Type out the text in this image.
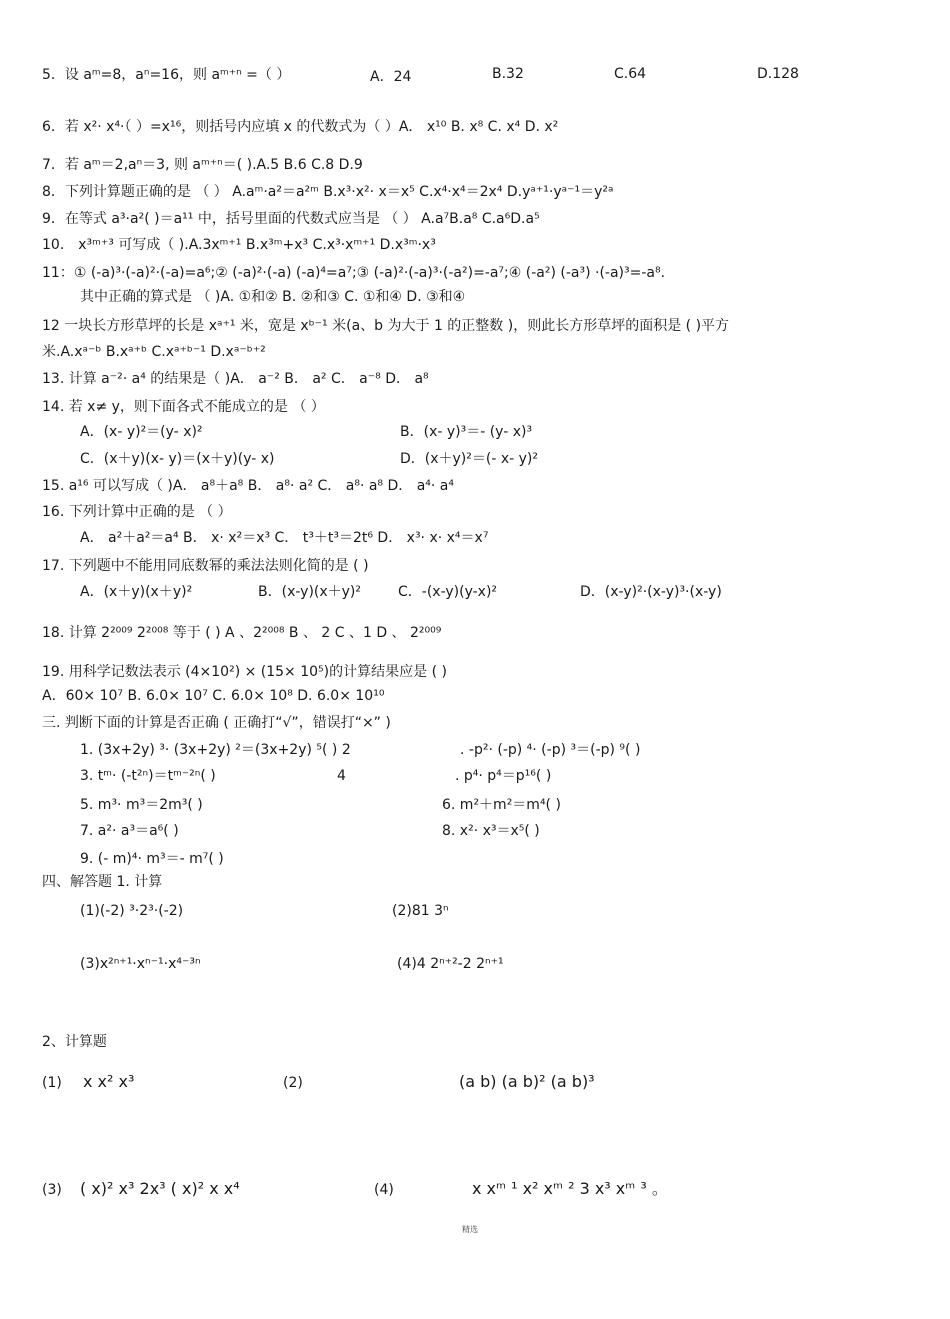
5．设 aᵐ=8，aⁿ=16，则 aᵐ⁺ⁿ =（ ）	A．24	B.32	C.64	D.128
6．若 x²· x⁴·（ ）=x¹⁶，则括号内应填 x 的代数式为（ ）A． x¹⁰ B. x⁸ C. x⁴ D. x²
7．若 aᵐ＝2,aⁿ＝3, 则 aᵐ⁺ⁿ＝( ).A.5 B.6 C.8 D.9
8．下列计算题正确的是 （ ） A.aᵐ·a²＝a²ᵐ B.x³·x²· x＝x⁵ C.x⁴·x⁴＝2x⁴ D.yᵃ⁺¹·yᵃ⁻¹＝y²ᵃ
9．在等式 a³·a²( )＝a¹¹ 中，括号里面的代数式应当是 （ ） A.a⁷B.a⁸ C.a⁶D.a⁵
10． x³ᵐ⁺³ 可写成（ ).A.3xᵐ⁺¹ B.x³ᵐ+x³ C.x³·xᵐ⁺¹ D.x³ᵐ·x³
11：① (-a)³·(-a)²·(-a)=a⁶;② (-a)²·(-a) (-a)⁴=a⁷;③ (-a)²·(-a)³·(-a²)=-a⁷;④ (-a²) (-a³) ·(-a)³=-a⁸.
其中正确的算式是 （ )A. ①和② B. ②和③ C. ①和④ D. ③和④
12 一块长方形草坪的长是 xᵃ⁺¹ 米，宽是 xᵇ⁻¹ 米(a、b 为大于 1 的正整数 )，则此长方形草坪的面积是 ( )平方
米.A.xᵃ⁻ᵇ B.xᵃ⁺ᵇ C.xᵃ⁺ᵇ⁻¹ D.xᵃ⁻ᵇ⁺²
13. 计算 a⁻²· a⁴ 的结果是（ )A． a⁻² B． a² C． a⁻⁸ D． a⁸
14. 若 x≠ y，则下面各式不能成立的是 （ ）
A．(x- y)²＝(y- x)²	B．(x- y)³＝- (y- x)³
C．(x＋y)(x- y)＝(x＋y)(y- x)	D．(x＋y)²＝(- x- y)²
15. a¹⁶ 可以写成（ )A． a⁸＋a⁸ B． a⁸· a² C． a⁸· a⁸ D． a⁴· a⁴
16. 下列计算中正确的是 （ ）
A． a²＋a²＝a⁴ B． x· x²＝x³ C． t³＋t³＝2t⁶ D． x³· x· x⁴＝x⁷
17. 下列题中不能用同底数幂的乘法法则化简的是 ( )
A．(x＋y)(x＋y)²	B．(x-y)(x＋y)²	C．-(x-y)(y-x)²	D．(x-y)²·(x-y)³·(x-y)
18. 计算 2²⁰⁰⁹ 2²⁰⁰⁸ 等于 ( ) A 、2²⁰⁰⁸ B 、 2 C 、1 D 、 2²⁰⁰⁹
19. 用科学记数法表示 (4×10²) × (15× 10⁵)的计算结果应是 ( )
A．60× 10⁷ B. 6.0× 10⁷ C. 6.0× 10⁸ D. 6.0× 10¹⁰
三. 判断下面的计算是否正确 ( 正确打“√”，错误打“×” )
1. (3x+2y) ³· (3x+2y) ²＝(3x+2y) ⁵( ) 2	. -p²· (-p) ⁴· (-p) ³＝(-p) ⁹( )
3. tᵐ· (-t²ⁿ)＝tᵐ⁻²ⁿ( )	4	. p⁴· p⁴＝p¹⁶( )
5. m³· m³＝2m³( )	6. m²＋m²＝m⁴( )
7. a²· a³＝a⁶( )	8. x²· x³＝x⁵( )
9. (- m)⁴· m³＝- m⁷( )
四、解答题 1. 计算
(1)(-2) ³·2³·(-2)	(2)81 3ⁿ
(3)x²ⁿ⁺¹·xⁿ⁻¹·x⁴⁻³ⁿ	(4)4 2ⁿ⁺²-2 2ⁿ⁺¹
2、计算题
(1) x x² x³	(2)	(a b) (a b)² (a b)³
(3) ( x)² x³ 2x³ ( x)² x x⁴	(4)	x xᵐ ¹ x² xᵐ ² 3 x³ xᵐ ³ 。
精选
